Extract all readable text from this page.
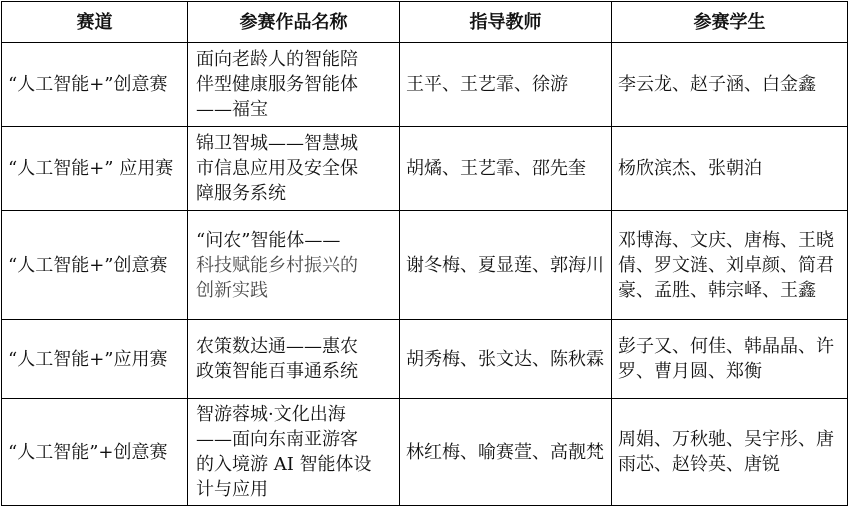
赛道	参赛作品名称	指导教师	参赛学生
“人工智能+”创意赛	面向老龄人的智能陪
伴型健康服务智能体
——福宝	王平、王艺霏、徐游	李云龙、赵子涵、白金鑫
“人工智能+” 应用赛	锦卫智城——智慧城
市信息应用及安全保
障服务系统	胡燏、王艺霏、邵先奎	杨欣滨杰、张朝泊
“人工智能+”创意赛	“问农”智能体——
科技赋能乡村振兴的
创新实践	谢冬梅、夏显莲、郭海川	邓博海、文庆、唐梅、王晓倩、罗文涟、刘卓颜、简君豪、孟胜、韩宗峄、王鑫
“人工智能+”应用赛	农策数达通——惠农
政策智能百事通系统	胡秀梅、张文达、陈秋霖	彭子又、何佳、韩晶晶、许罗、曹月圆、郑衡
“人工智能”+创意赛	智游蓉城·文化出海
——面向东南亚游客
的入境游 AI 智能体设
计与应用	林红梅、喻赛萱、高靓梵	周娟、万秋驰、吴宇彤、唐雨芯、赵铃英、唐锐
